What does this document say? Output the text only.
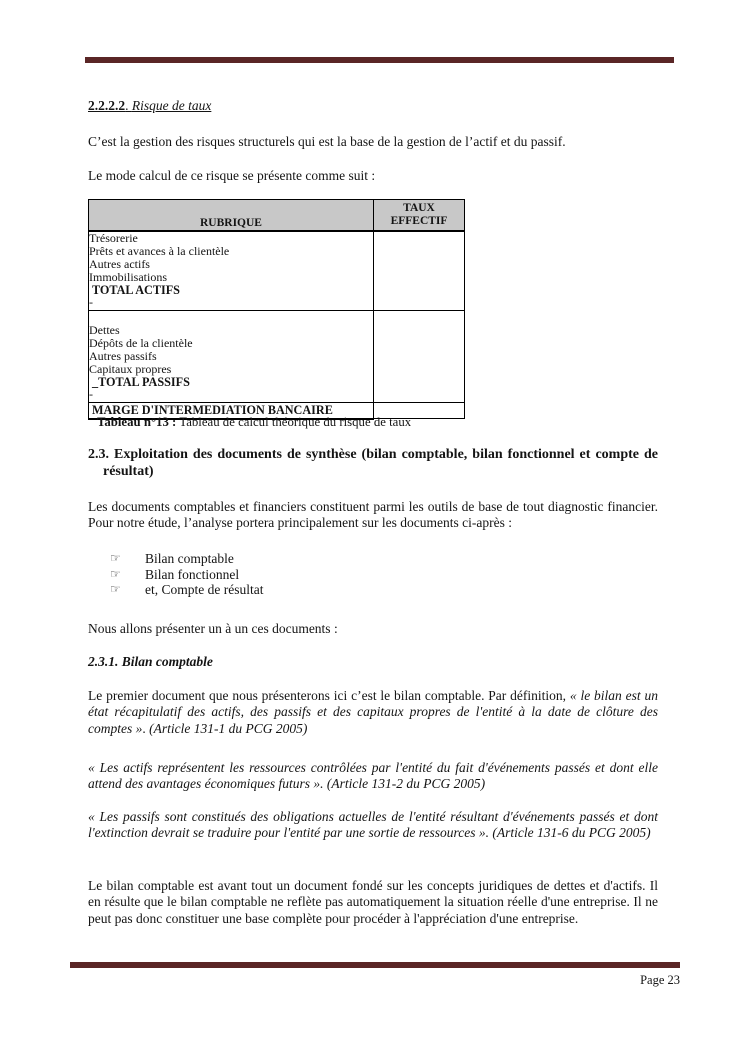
2.2.2.2. Risque de taux
C’est la gestion des risques structurels qui est la base de la gestion de l’actif et du passif.
Le mode calcul de ce risque se présente comme suit :
RUBRIQUE	TAUX EFFECTIF

Trésorerie
Prêts et avances à la clientèle
Autres actifs
Immobilisations
TOTAL ACTIFS
-

Dettes
Dépôts de la clientèle
Autres passifs
Capitaux propres
_TOTAL PASSIFS
-

MARGE D'INTERMEDIATION BANCAIRE	
Tableau n°13 : Tableau de calcul théorique du risque de taux
2.3. Exploitation des documents de synthèse (bilan comptable, bilan fonctionnel et compte de résultat)
Les documents comptables et financiers constituent parmi les outils de base de tout diagnostic financier. Pour notre étude, l’analyse portera principalement sur les documents ci-après :
☞	Bilan comptable
☞	Bilan fonctionnel
☞	et, Compte de résultat
Nous allons présenter un à un ces documents :
2.3.1. Bilan comptable
Le premier document que nous présenterons ici c’est le bilan comptable. Par définition, « le bilan est un état récapitulatif des actifs, des passifs et des capitaux propres de l'entité à la date de clôture des comptes ». (Article 131-1 du PCG 2005)
« Les actifs représentent les ressources contrôlées par l'entité du fait d'événements passés et dont elle attend des avantages économiques futurs ». (Article 131-2 du PCG 2005)
« Les passifs sont constitués des obligations actuelles de l'entité résultant d'événements passés et dont l'extinction devrait se traduire pour l'entité par une sortie de ressources ». (Article 131-6 du PCG 2005)
Le bilan comptable est avant tout un document fondé sur les concepts juridiques de dettes et d'actifs. Il en résulte que le bilan comptable ne reflète pas automatiquement la situation réelle d'une entreprise. Il ne peut pas donc constituer une base complète pour procéder à l'appréciation d'une entreprise.
Page 23
